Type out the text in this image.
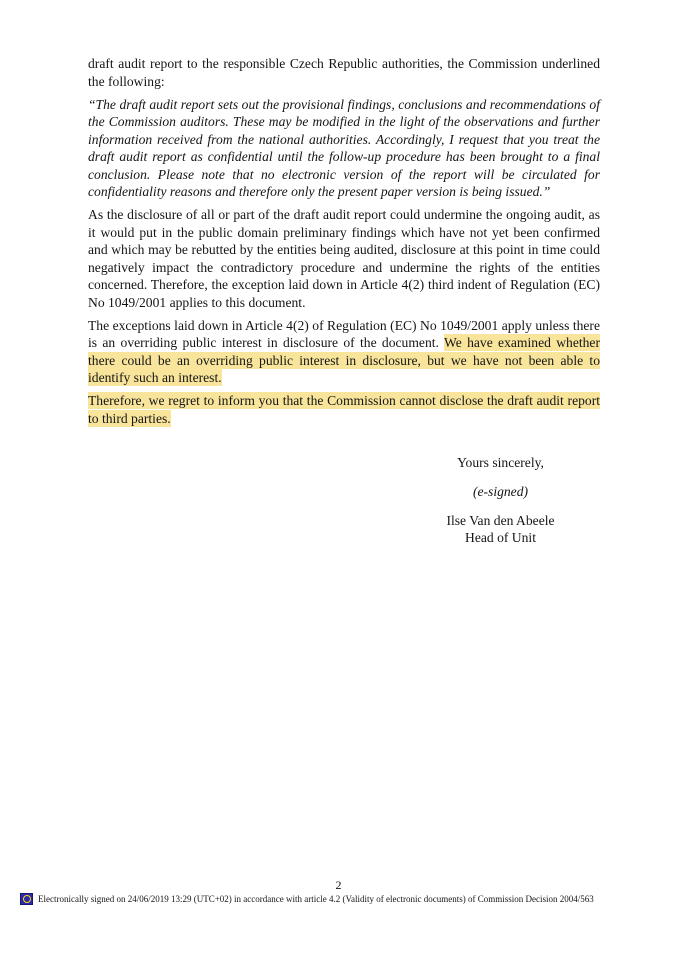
draft audit report to the responsible Czech Republic authorities, the Commission underlined the following:

“The draft audit report sets out the provisional findings, conclusions and recommendations of the Commission auditors. These may be modified in the light of the observations and further information received from the national authorities. Accordingly, I request that you treat the draft audit report as confidential until the follow-up procedure has been brought to a final conclusion. Please note that no electronic version of the report will be circulated for confidentiality reasons and therefore only the present paper version is being issued.”

As the disclosure of all or part of the draft audit report could undermine the ongoing audit, as it would put in the public domain preliminary findings which have not yet been confirmed and which may be rebutted by the entities being audited, disclosure at this point in time could negatively impact the contradictory procedure and undermine the rights of the entities concerned. Therefore, the exception laid down in Article 4(2) third indent of Regulation (EC) No 1049/2001 applies to this document.

The exceptions laid down in Article 4(2) of Regulation (EC) No 1049/2001 apply unless there is an overriding public interest in disclosure of the document. We have examined whether there could be an overriding public interest in disclosure, but we have not been able to identify such an interest.

Therefore, we regret to inform you that the Commission cannot disclose the draft audit report to third parties.

Yours sincerely,
(e-signed)
Ilse Van den Abeele
Head of Unit
2
Electronically signed on 24/06/2019 13:29 (UTC+02) in accordance with article 4.2 (Validity of electronic documents) of Commission Decision 2004/563
